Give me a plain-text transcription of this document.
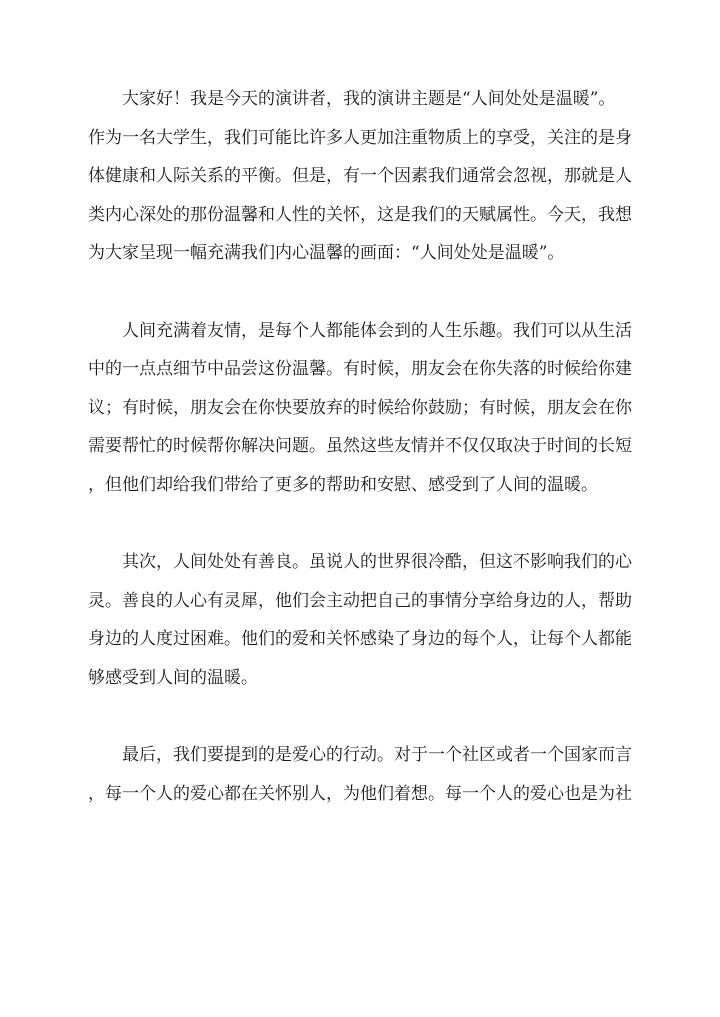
大家好！我是今天的演讲者，我的演讲主题是“人间处处是温暖”。
作为一名大学生，我们可能比许多人更加注重物质上的享受，关注的是身
体健康和人际关系的平衡。但是，有一个因素我们通常会忽视，那就是人
类内心深处的那份温馨和人性的关怀，这是我们的天赋属性。今天，我想
为大家呈现一幅充满我们内心温馨的画面：“人间处处是温暖”。

人间充满着友情，是每个人都能体会到的人生乐趣。我们可以从生活
中的一点点细节中品尝这份温馨。有时候，朋友会在你失落的时候给你建
议；有时候，朋友会在你快要放弃的时候给你鼓励；有时候，朋友会在你
需要帮忙的时候帮你解决问题。虽然这些友情并不仅仅取决于时间的长短
，但他们却给我们带给了更多的帮助和安慰、感受到了人间的温暖。

其次，人间处处有善良。虽说人的世界很冷酷，但这不影响我们的心
灵。善良的人心有灵犀，他们会主动把自己的事情分享给身边的人，帮助
身边的人度过困难。他们的爱和关怀感染了身边的每个人，让每个人都能
够感受到人间的温暖。

最后，我们要提到的是爱心的行动。对于一个社区或者一个国家而言
，每一个人的爱心都在关怀别人，为他们着想。每一个人的爱心也是为社
